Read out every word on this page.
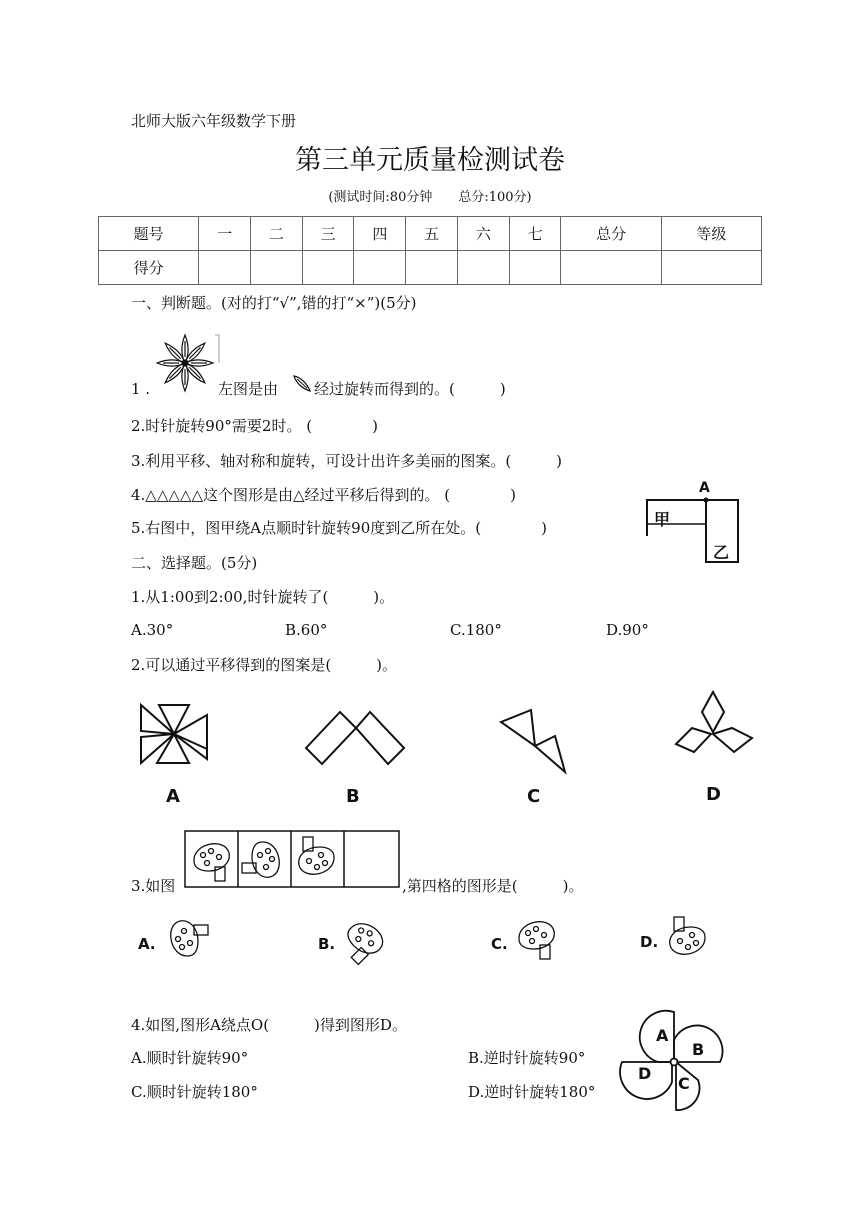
北师大版六年级数学下册
第三单元质量检测试卷
(测试时间:80分钟　　总分:100分)
题号	一	二	三	四	五	六	七	总分	等级
得分									
一、判断题。(对的打“√”,错的打“×”)(5分)
1 .	左图是由 经过旋转而得到的。(　　　)
2.时针旋转90°需要2时。 (　　　　)
3.利用平移、轴对称和旋转，可设计出许多美丽的图案。(　　　)
4.△△△△△这个图形是由△经过平移后得到的。 (　　　　)
5.右图中，图甲绕A点顺时针旋转90度到乙所在处。(　　　　)
A
甲
乙
二、选择题。(5分)
1.从1:00到2:00,时针旋转了(　　　)。
A.30°	B.60°	C.180°	D.90°
2.可以通过平移得到的图案是(　　　)。
A	B	C	D
3.如图	,第四格的图形是(　　　)。
A.	B.	C.	D.
4.如图,图形A绕点O(　　　)得到图形D。
A.顺时针旋转90°	B.逆时针旋转90°
C.顺时针旋转180°	D.逆时针旋转180°
A
B
C
D
